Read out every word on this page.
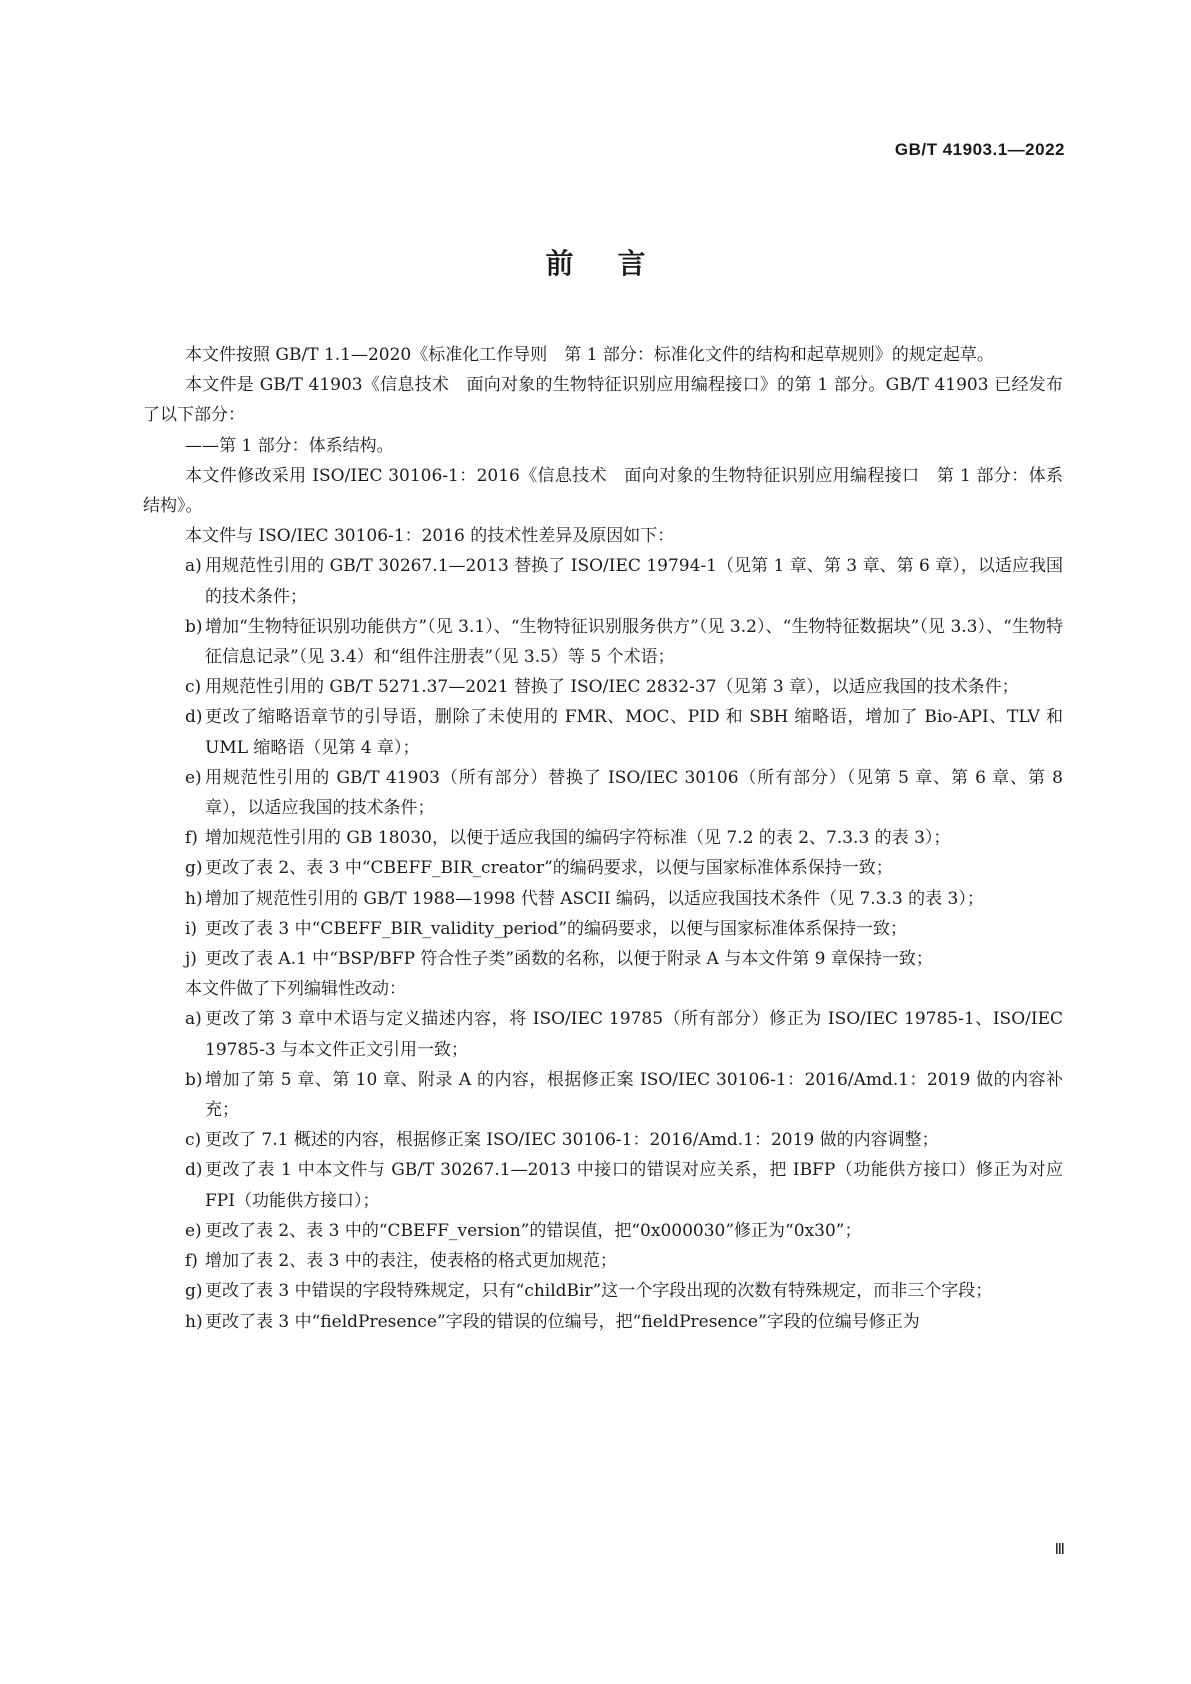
GB/T 41903.1—2022
前言

本文件按照 GB/T 1.1—2020《标准化工作导则　第 1 部分：标准化文件的结构和起草规则》的规定起草。

本文件是 GB/T 41903《信息技术　面向对象的生物特征识别应用编程接口》的第 1 部分。GB/T 41903 已经发布了以下部分：

——第 1 部分：体系结构。

本文件修改采用 ISO/IEC 30106-1：2016《信息技术　面向对象的生物特征识别应用编程接口　第 1 部分：体系结构》。

本文件与 ISO/IEC 30106-1：2016 的技术性差异及原因如下：

a) 用规范性引用的 GB/T 30267.1—2013 替换了 ISO/IEC 19794-1（见第 1 章、第 3 章、第 6 章），以适应我国的技术条件；

b) 增加“生物特征识别功能供方”（见 3.1）、“生物特征识别服务供方”（见 3.2）、“生物特征数据块”（见 3.3）、“生物特征信息记录”（见 3.4）和“组件注册表”（见 3.5）等 5 个术语；

c) 用规范性引用的 GB/T 5271.37—2021 替换了 ISO/IEC 2832-37（见第 3 章），以适应我国的技术条件；

d) 更改了缩略语章节的引导语，删除了未使用的 FMR、MOC、PID 和 SBH 缩略语，增加了 Bio-API、TLV 和 UML 缩略语（见第 4 章）；

e) 用规范性引用的 GB/T 41903（所有部分）替换了 ISO/IEC 30106（所有部分）（见第 5 章、第 6 章、第 8 章），以适应我国的技术条件；

f) 增加规范性引用的 GB 18030，以便于适应我国的编码字符标准（见 7.2 的表 2、7.3.3 的表 3）；

g) 更改了表 2、表 3 中“CBEFF_BIR_creator”的编码要求，以便与国家标准体系保持一致；

h) 增加了规范性引用的 GB/T 1988—1998 代替 ASCII 编码，以适应我国技术条件（见 7.3.3 的表 3）；

i) 更改了表 3 中“CBEFF_BIR_validity_period”的编码要求，以便与国家标准体系保持一致；

j) 更改了表 A.1 中“BSP/BFP 符合性子类”函数的名称，以便于附录 A 与本文件第 9 章保持一致；

本文件做了下列编辑性改动：

a) 更改了第 3 章中术语与定义描述内容，将 ISO/IEC 19785（所有部分）修正为 ISO/IEC 19785-1、ISO/IEC 19785-3 与本文件正文引用一致；

b) 增加了第 5 章、第 10 章、附录 A 的内容，根据修正案 ISO/IEC 30106-1：2016/Amd.1：2019 做的内容补充；

c) 更改了 7.1 概述的内容，根据修正案 ISO/IEC 30106-1：2016/Amd.1：2019 做的内容调整；

d) 更改了表 1 中本文件与 GB/T 30267.1—2013 中接口的错误对应关系，把 IBFP（功能供方接口）修正为对应 FPI（功能供方接口）；

e) 更改了表 2、表 3 中的“CBEFF_version”的错误值，把“0x000030”修正为“0x30”；

f) 增加了表 2、表 3 中的表注，使表格的格式更加规范；

g) 更改了表 3 中错误的字段特殊规定，只有“childBir”这一个字段出现的次数有特殊规定，而非三个字段；

h) 更改了表 3 中“fieldPresence”字段的错误的位编号，把“fieldPresence”字段的位编号修正为

Ⅲ
